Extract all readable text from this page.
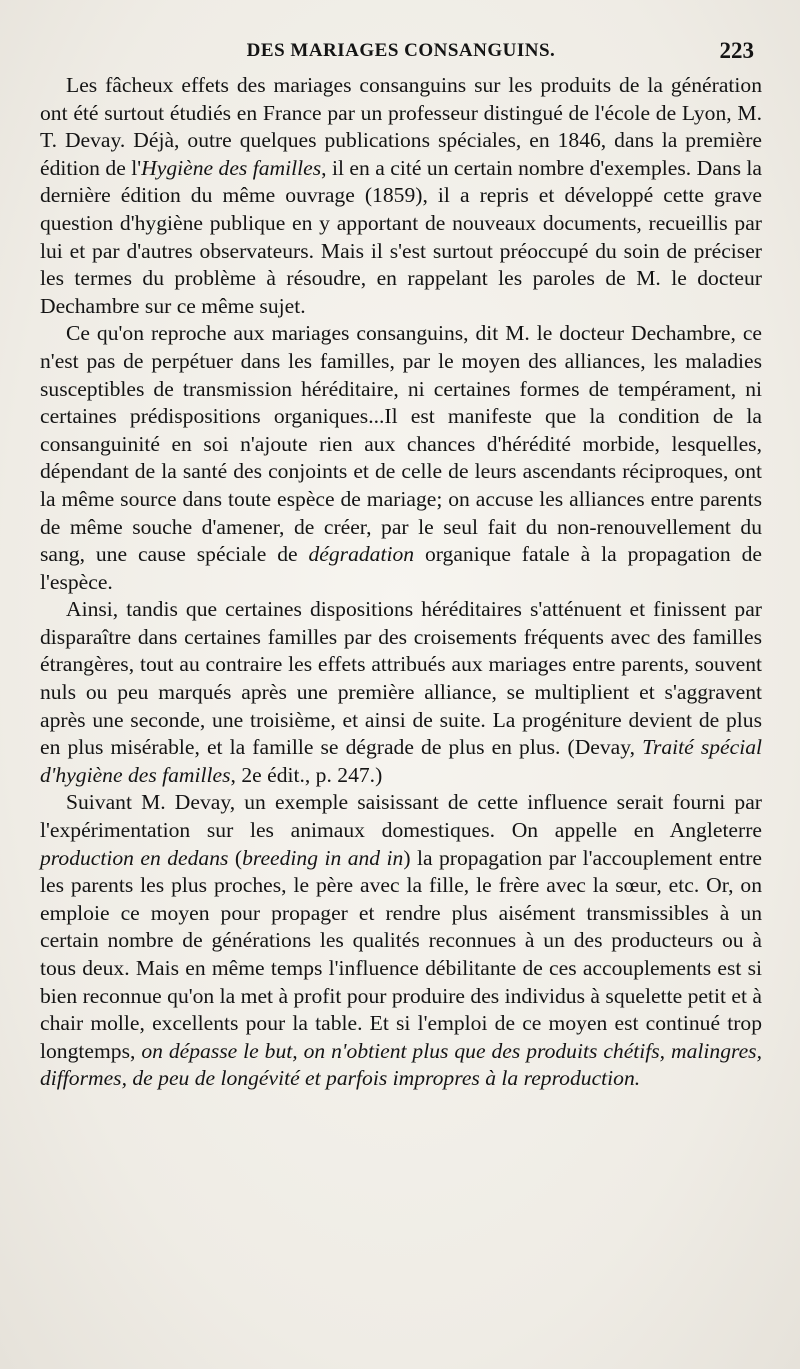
DES MARIAGES CONSANGUINS.	223

Les fâcheux effets des mariages consanguins sur les produits de la génération ont été surtout étudiés en France par un professeur distingué de l'école de Lyon, M. T. Devay. Déjà, outre quelques publications spéciales, en 1846, dans la première édition de l'Hygiène des familles, il en a cité un certain nombre d'exemples. Dans la dernière édition du même ouvrage (1859), il a repris et développé cette grave question d'hygiène publique en y apportant de nouveaux documents, recueillis par lui et par d'autres observateurs. Mais il s'est surtout préoccupé du soin de préciser les termes du problème à résoudre, en rappelant les paroles de M. le docteur Dechambre sur ce même sujet.

Ce qu'on reproche aux mariages consanguins, dit M. le docteur Dechambre, ce n'est pas de perpétuer dans les familles, par le moyen des alliances, les maladies susceptibles de transmission héréditaire, ni certaines formes de tempérament, ni certaines prédispositions organiques...Il est manifeste que la condition de la consanguinité en soi n'ajoute rien aux chances d'hérédité morbide, lesquelles, dépendant de la santé des conjoints et de celle de leurs ascendants réciproques, ont la même source dans toute espèce de mariage; on accuse les alliances entre parents de même souche d'amener, de créer, par le seul fait du non-renouvellement du sang, une cause spéciale de dégradation organique fatale à la propagation de l'espèce.

Ainsi, tandis que certaines dispositions héréditaires s'atténuent et finissent par disparaître dans certaines familles par des croisements fréquents avec des familles étrangères, tout au contraire les effets attribués aux mariages entre parents, souvent nuls ou peu marqués après une première alliance, se multiplient et s'aggravent après une seconde, une troisième, et ainsi de suite. La progéniture devient de plus en plus misérable, et la famille se dégrade de plus en plus. (Devay, Traité spécial d'hygiène des familles, 2e édit., p. 247.)

Suivant M. Devay, un exemple saisissant de cette influence serait fourni par l'expérimentation sur les animaux domestiques. On appelle en Angleterre production en dedans (breeding in and in) la propagation par l'accouplement entre les parents les plus proches, le père avec la fille, le frère avec la sœur, etc. Or, on emploie ce moyen pour propager et rendre plus aisément transmissibles à un certain nombre de générations les qualités reconnues à un des producteurs ou à tous deux. Mais en même temps l'influence débilitante de ces accouplements est si bien reconnue qu'on la met à profit pour produire des individus à squelette petit et à chair molle, excellents pour la table. Et si l'emploi de ce moyen est continué trop longtemps, on dépasse le but, on n'obtient plus que des produits chétifs, malingres, difformes, de peu de longévité et parfois impropres à la reproduction.
